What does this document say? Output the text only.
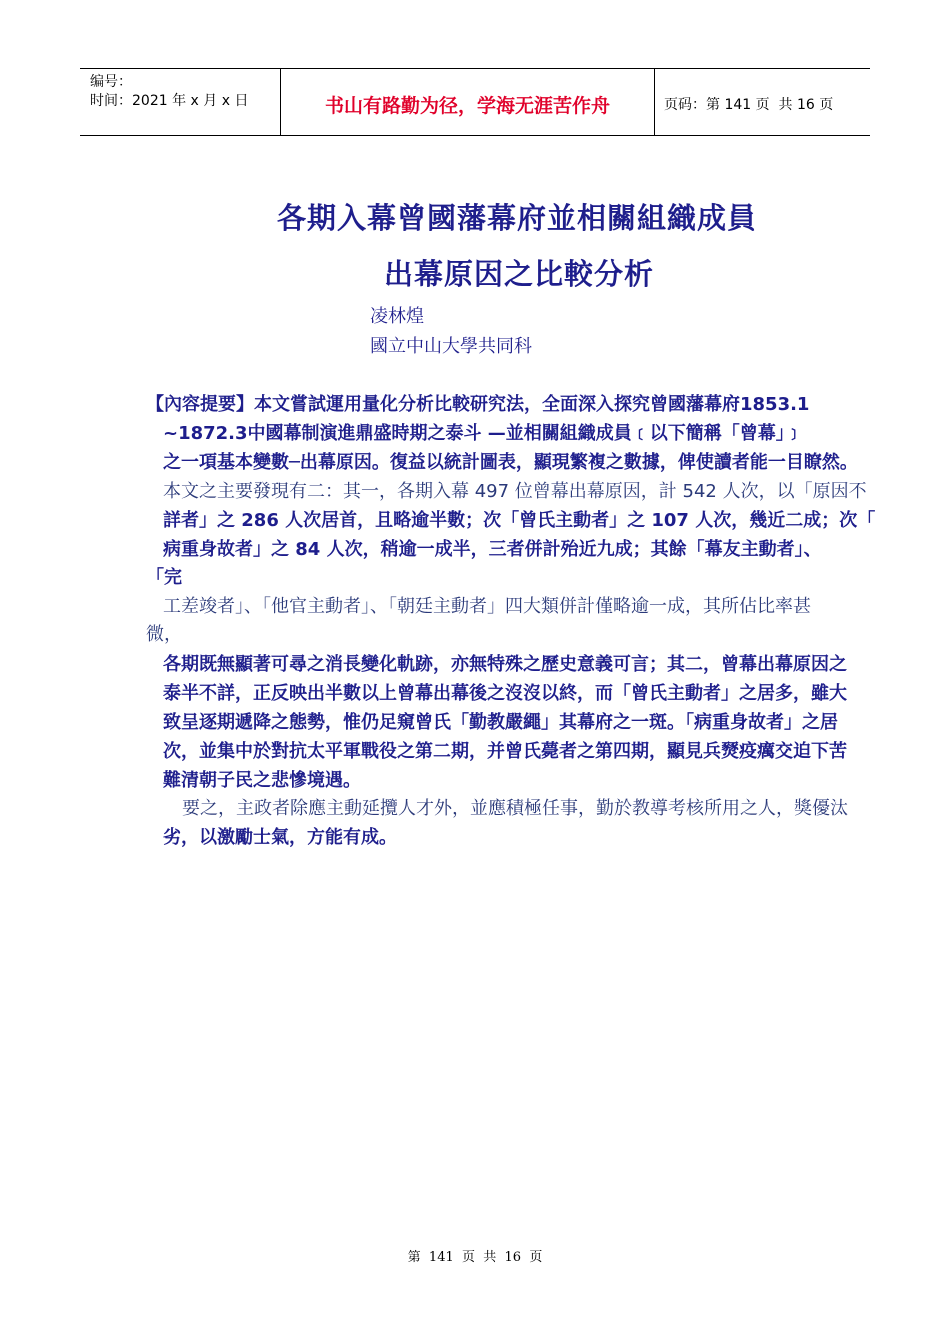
编号：
时间：2021 年 x 月 x 日	书山有路勤为径，学海无涯苦作舟	页码：第 141 页  共 16 页
各期入幕曾國藩幕府並相關組織成員
出幕原因之比較分析
凌林煌
國立中山大學共同科
【內容提要】本文嘗試運用量化分析比較研究法，全面深入探究曾國藩幕府1853.1
~1872.3中國幕制演進鼎盛時期之泰斗 —並相關組織成員﹝以下簡稱「曾幕」﹞
之一項基本變數─出幕原因。復益以統計圖表，顯現繁複之數據，俾使讀者能一目瞭然。
本文之主要發現有二：其一，各期入幕 497 位曾幕出幕原因，計 542 人次，以「原因不
詳者」之 286 人次居首，且略逾半數；次「曾氏主動者」之 107 人次，幾近二成；次「
病重身故者」之 84 人次，稍逾一成半，三者併計殆近九成；其餘「幕友主動者」、
「完
工差竣者」、「他官主動者」、「朝廷主動者」四大類併計僅略逾一成，其所佔比率甚
微，
各期既無顯著可尋之消長變化軌跡，亦無特殊之歷史意義可言；其二，曾幕出幕原因之
泰半不詳，正反映出半數以上曾幕出幕後之沒沒以終，而「曾氏主動者」之居多，雖大
致呈逐期遞降之態勢，惟仍足窺曾氏「勤教嚴繩」其幕府之一斑。「病重身故者」之居
次，並集中於對抗太平軍戰役之第二期，并曾氏薨者之第四期，顯見兵燹疫癘交迫下苦
難清朝子民之悲慘境遇。
要之，主政者除應主動延攬人才外，並應積極任事，勤於教導考核所用之人，獎優汰
劣，以激勵士氣，方能有成。
第  141  页  共  16  页
